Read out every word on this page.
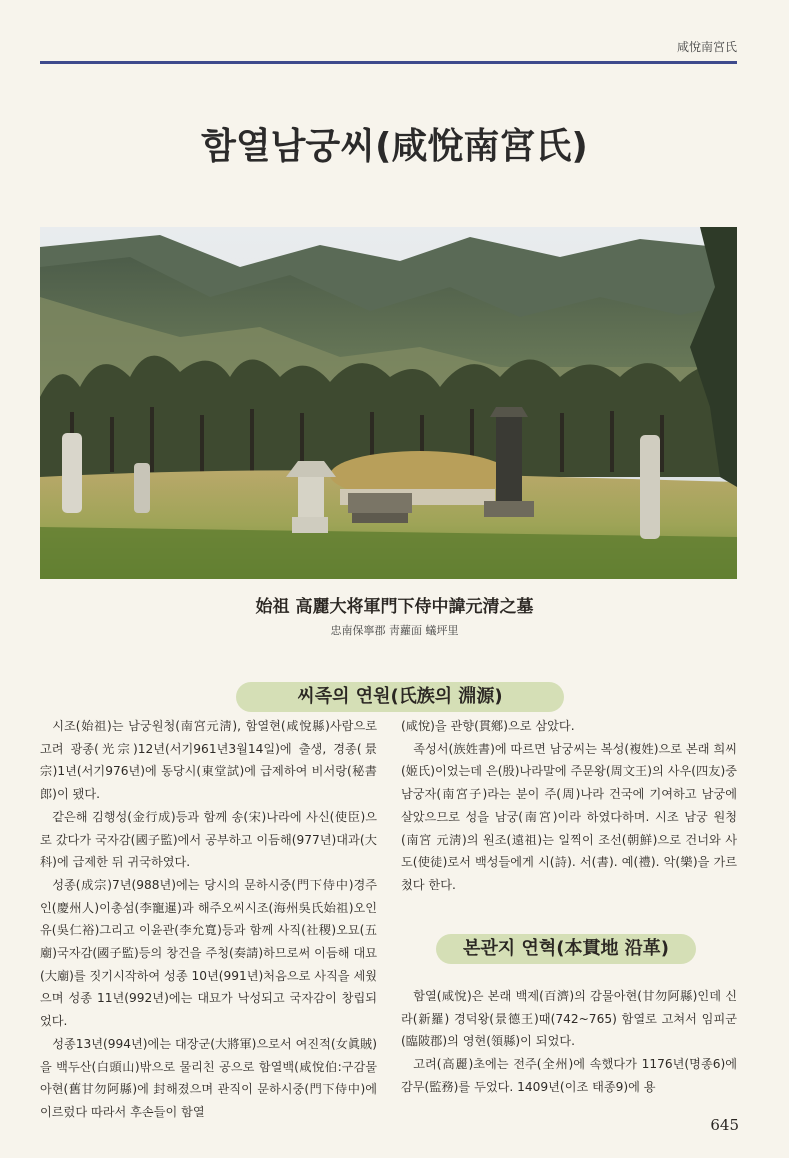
咸悅南宮氏
함열남궁씨(咸悅南宮氏)
始祖 高麗大将軍門下侍中諱元清之墓
忠南保寧郡 靑蘿面 蟻坪里
씨족의 연원(氏族의 淵源)

시조(始祖)는 남궁원청(南宮元淸), 함열현(咸悅縣)사람으로 고려 광종(光宗)12년(서기961년3월14일)에 출생, 경종(景宗)1년(서기976년)에 동당시(東堂試)에 급제하여 비서랑(秘書郎)이 됐다.

같은해 김행성(金行成)등과 함께 송(宋)나라에 사신(使臣)으로 갔다가 국자감(國子監)에서 공부하고 이듬해(977년)대과(大科)에 급제한 뒤 귀국하였다.

성종(成宗)7년(988년)에는 당시의 문하시중(門下侍中)경주인(慶州人)이총섬(李寵暹)과 해주오씨시조(海州吳氏始祖)오인유(吳仁裕)그리고 이윤관(李允寬)등과 함께 사직(社稷)오묘(五廟)국자감(國子監)등의 창건을 주청(奏請)하므로써 이듬해 대묘(大廟)를 짓기시작하여 성종 10년(991년)처음으로 사직을 세웠으며 성종 11년(992년)에는 대묘가 낙성되고 국자감이 창립되었다.

성종13년(994년)에는 대장군(大將軍)으로서 여진적(女眞賊)을 백두산(白頭山)밖으로 물리친 공으로 함열백(咸悅伯:구감물아현(舊甘勿阿縣)에 封해졌으며 관직이 문하시중(門下侍中)에 이르렀다 따라서 후손들이 함열

(咸悅)을 관향(貫鄕)으로 삼았다.

족성서(族姓書)에 따르면 남궁씨는 복성(複姓)으로 본래 희씨(姬氏)이었는데 은(殷)나라말에 주문왕(周文王)의 사우(四友)중 남궁자(南宮子)라는 분이 주(周)나라 건국에 기여하고 남궁에 살았으므로 성을 남궁(南宮)이라 하였다하며. 시조 남궁 원청(南宮 元淸)의 원조(遠祖)는 일찍이 조선(朝鮮)으로 건너와 사도(使徒)로서 백성들에게 시(詩). 서(書). 예(禮). 악(樂)을 가르쳤다 한다.

본관지 연혁(本貫地 沿革)

함열(咸悅)은 본래 백제(百濟)의 감물아현(甘勿阿縣)인데 신라(新羅) 경덕왕(景德王)때(742~765) 함열로 고쳐서 임피군(臨陂郡)의 영현(領縣)이 되었다.

고려(高麗)초에는 전주(全州)에 속했다가 1176년(명종6)에 감무(監務)를 두었다. 1409년(이조 태종9)에 용

645
